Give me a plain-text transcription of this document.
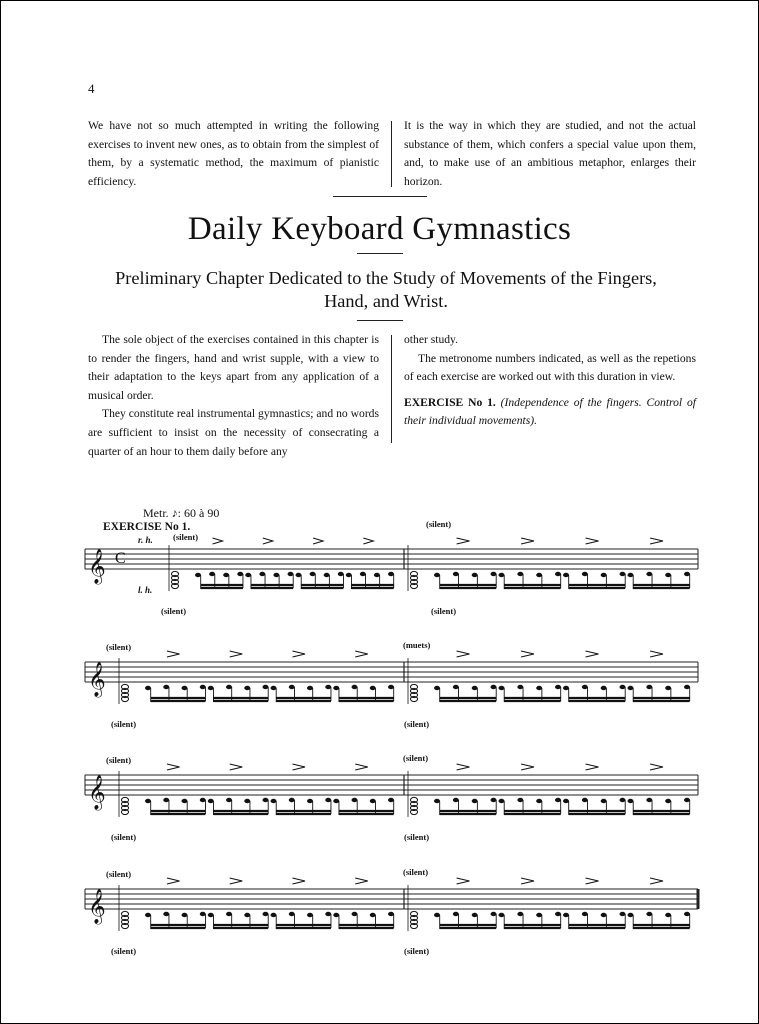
4

We have not so much attempted in writing the following exercises to invent new ones, as to obtain from the simplest of them, by a systematic method, the maximum of pianistic efficiency.

It is the way in which they are studied, and not the actual substance of them, which confers a special value upon them, and, to make use of an ambitious metaphor, enlarges their horizon.

Daily Keyboard Gymnastics
Preliminary Chapter Dedicated to the Study of Movements of the Fingers, Hand, and Wrist.

The sole object of the exercises contained in this chapter is to render the fingers, hand and wrist supple, with a view to their adaptation to the keys apart from any application of a musical order.

They constitute real instrumental gymnastics; and no words are sufficient to insist on the necessity of consecrating a quarter of an hour to them daily before any

other study.

The metronome numbers indicated, as well as the repetions of each exercise are worked out with this duration in view.

EXERCISE No 1. (Independence of the fingers. Control of their individual movements).

Metr. ♪: 60 à 90
EXERCISE No 1.
𝄞 C
r. h.
l. h.
(silent)
(silent)
(silent)
(silent)
𝄞
(silent)
(silent)
(muets)
(silent)
𝄞
(silent)
(silent)
(silent)
(silent)
𝄞
(silent)
(silent)
(silent)
(silent)
